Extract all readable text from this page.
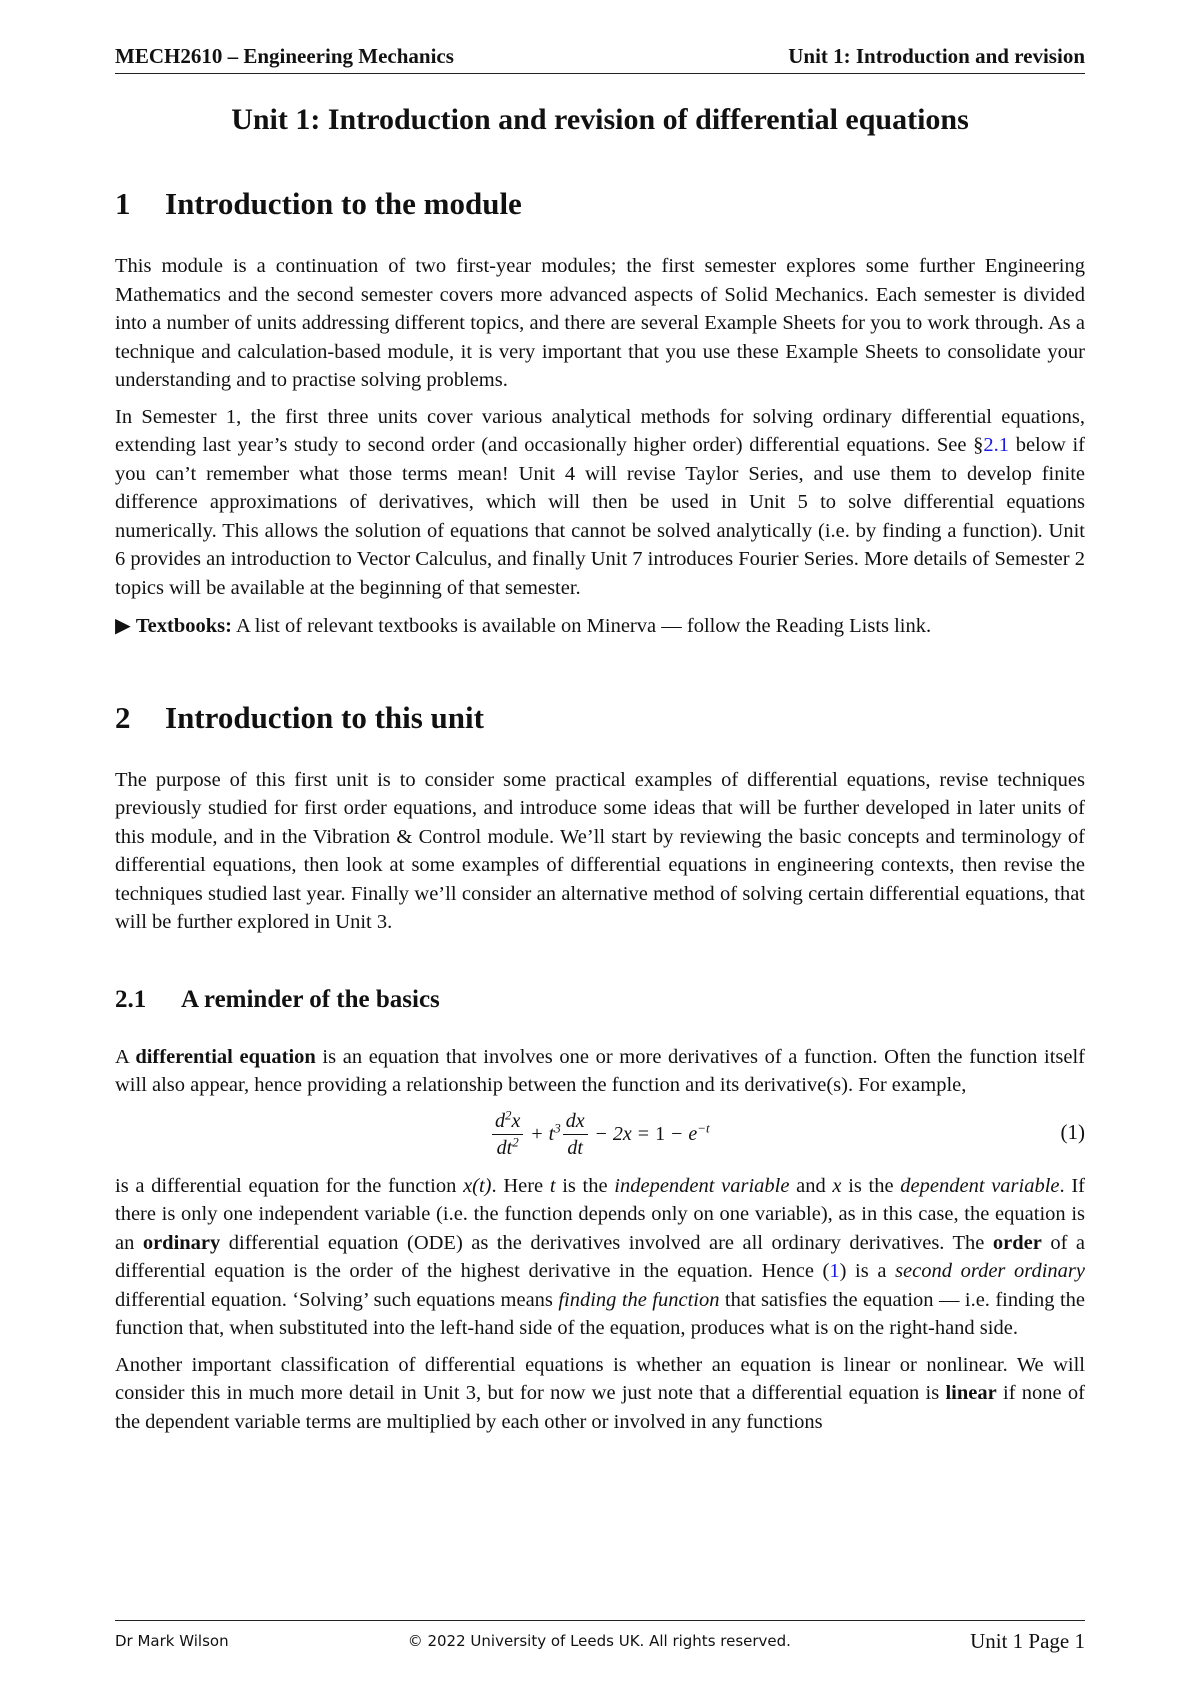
MECH2610 – Engineering Mechanics	Unit 1: Introduction and revision
Unit 1: Introduction and revision of differential equations
1 Introduction to the module

This module is a continuation of two first-year modules; the first semester explores some further Engineering Mathematics and the second semester covers more advanced aspects of Solid Mechanics. Each semester is divided into a number of units addressing different topics, and there are several Example Sheets for you to work through. As a technique and calculation-based module, it is very important that you use these Example Sheets to consolidate your understanding and to practise solving problems.

In Semester 1, the first three units cover various analytical methods for solving ordinary differential equations, extending last year’s study to second order (and occasionally higher order) differential equations. See §2.1 below if you can’t remember what those terms mean! Unit 4 will revise Taylor Series, and use them to develop finite difference approximations of derivatives, which will then be used in Unit 5 to solve differential equations numerically. This allows the solution of equations that cannot be solved analytically (i.e. by finding a function). Unit 6 provides an introduction to Vector Calculus, and finally Unit 7 introduces Fourier Series. More details of Semester 2 topics will be available at the beginning of that semester.

▶ Textbooks: A list of relevant textbooks is available on Minerva — follow the Reading Lists link.
2 Introduction to this unit

The purpose of this first unit is to consider some practical examples of differential equations, revise techniques previously studied for first order equations, and introduce some ideas that will be further developed in later units of this module, and in the Vibration & Control module. We’ll start by reviewing the basic concepts and terminology of differential equations, then look at some examples of differential equations in engineering contexts, then revise the techniques studied last year. Finally we’ll consider an alternative method of solving certain differential equations, that will be further explored in Unit 3.

2.1 A reminder of the basics

A differential equation is an equation that involves one or more derivatives of a function. Often the function itself will also appear, hence providing a relationship between the function and its derivative(s). For example,

$\frac{d^2x}{dt^2} + t^3 \frac{dx}{dt} - 2x = 1 - e^{-t}$	(1)

is a differential equation for the function x(t). Here t is the independent variable and x is the dependent variable. If there is only one independent variable (i.e. the function depends only on one variable), as in this case, the equation is an ordinary differential equation (ODE) as the derivatives involved are all ordinary derivatives. The order of a differential equation is the order of the highest derivative in the equation. Hence (1) is a second order ordinary differential equation. ‘Solving’ such equations means finding the function that satisfies the equation — i.e. finding the function that, when substituted into the left-hand side of the equation, produces what is on the right-hand side.

Another important classification of differential equations is whether an equation is linear or nonlinear. We will consider this in much more detail in Unit 3, but for now we just note that a differential equation is linear if none of the dependent variable terms are multiplied by each other or involved in any functions

Dr Mark Wilson	© 2022 University of Leeds UK. All rights reserved.	Unit 1 Page 1
